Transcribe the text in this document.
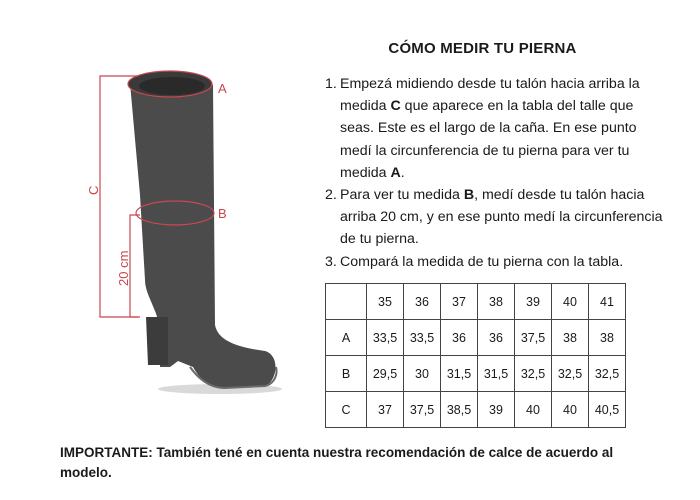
A
B
C
20 cm
CÓMO MEDIR TU PIERNA
1. Empezá midiendo desde tu talón hacia arriba la medida C que aparece en la tabla del talle que seas. Este es el largo de la caña. En ese punto medí la circunferencia de tu pierna para ver tu medida A.
2. Para ver tu medida B, medí desde tu talón hacia arriba 20 cm, y en ese punto medí la circunferencia de tu pierna.
3. Compará la medida de tu pierna con la tabla.
	35	36	37	38	39	40	41
A	33,5	33,5	36	36	37,5	38	38
B	29,5	30	31,5	31,5	32,5	32,5	32,5
C	37	37,5	38,5	39	40	40	40,5
IMPORTANTE: También tené en cuenta nuestra recomendación de calce de acuerdo al modelo.
